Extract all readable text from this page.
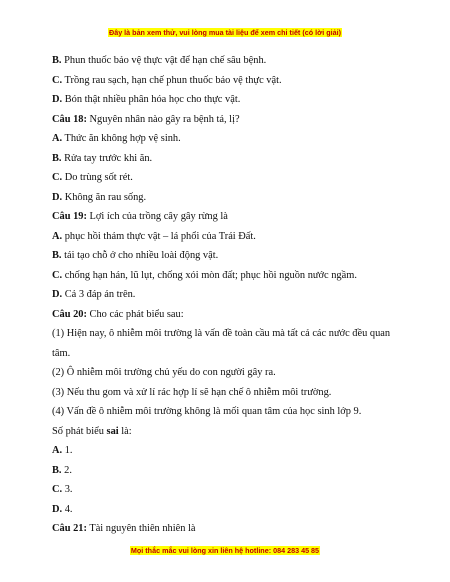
Đây là bản xem thử, vui lòng mua tài liệu để xem chi tiết (có lời giải)
B. Phun thuốc bảo vệ thực vật để hạn chế sâu bệnh.
C. Trồng rau sạch, hạn chế phun thuốc bảo vệ thực vật.
D. Bón thật nhiều phân hóa học cho thực vật.
Câu 18: Nguyên nhân nào gây ra bệnh tả, lị?
A. Thức ăn không hợp vệ sinh.
B. Rửa tay trước khi ăn.
C. Do trùng sốt rét.
D. Không ăn rau sống.
Câu 19: Lợi ích của trồng cây gây rừng là
A. phục hồi thảm thực vật – lá phổi của Trái Đất.
B. tái tạo chỗ ở cho nhiều loài động vật.
C. chống hạn hán, lũ lụt, chống xói mòn đất; phục hồi nguồn nước ngầm.
D. Cả 3 đáp án trên.
Câu 20: Cho các phát biểu sau:
(1) Hiện nay, ô nhiễm môi trường là vấn đề toàn cầu mà tất cả các nước đều quan tâm.
(2) Ô nhiễm môi trường chủ yếu do con người gây ra.
(3) Nếu thu gom và xử lí rác hợp lí sẽ hạn chế ô nhiễm môi trường.
(4) Vấn đề ô nhiễm môi trường không là mối quan tâm của học sinh lớp 9.
Số phát biểu sai là:
A. 1.
B. 2.
C. 3.
D. 4.
Câu 21: Tài nguyên thiên nhiên là
Mọi thắc mắc vui lòng xin liên hệ hotline: 084 283 45 85
